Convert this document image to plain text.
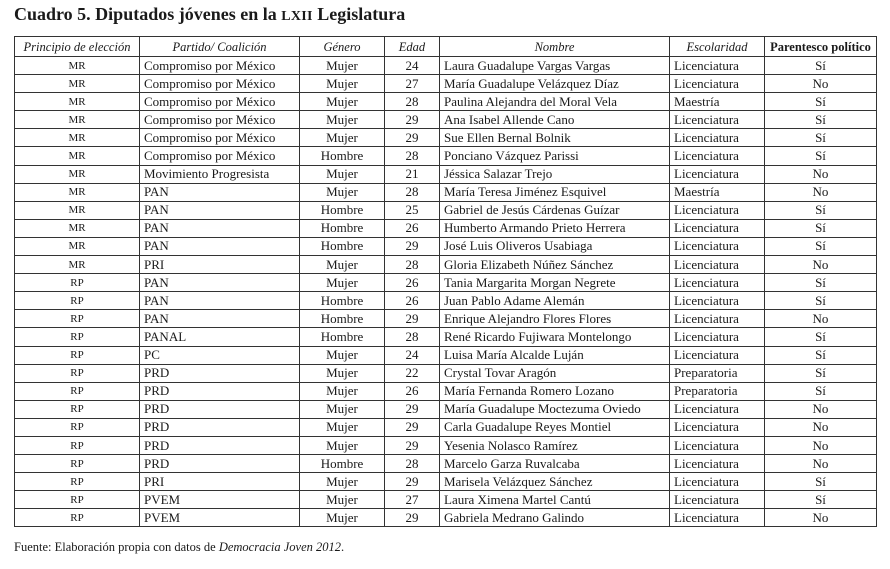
Cuadro 5. Diputados jóvenes en la LXII Legislatura
Principio de elección	Partido/ Coalición	Género	Edad	Nombre	Escolaridad	Parentesco político
MR	Compromiso por México	Mujer	24	Laura Guadalupe Vargas Vargas	Licenciatura	Sí
MR	Compromiso por México	Mujer	27	María Guadalupe Velázquez Díaz	Licenciatura	No
MR	Compromiso por México	Mujer	28	Paulina Alejandra del Moral Vela	Maestría	Sí
MR	Compromiso por México	Mujer	29	Ana Isabel Allende Cano	Licenciatura	Sí
MR	Compromiso por México	Mujer	29	Sue Ellen Bernal Bolnik	Licenciatura	Sí
MR	Compromiso por México	Hombre	28	Ponciano Vázquez Parissi	Licenciatura	Sí
MR	Movimiento Progresista	Mujer	21	Jéssica Salazar Trejo	Licenciatura	No
MR	PAN	Mujer	28	María Teresa Jiménez Esquivel	Maestría	No
MR	PAN	Hombre	25	Gabriel de Jesús Cárdenas Guízar	Licenciatura	Sí
MR	PAN	Hombre	26	Humberto Armando Prieto Herrera	Licenciatura	Sí
MR	PAN	Hombre	29	José Luis Oliveros Usabiaga	Licenciatura	Sí
MR	PRI	Mujer	28	Gloria Elizabeth Núñez Sánchez	Licenciatura	No
RP	PAN	Mujer	26	Tania Margarita Morgan Negrete	Licenciatura	Sí
RP	PAN	Hombre	26	Juan Pablo Adame Alemán	Licenciatura	Sí
RP	PAN	Hombre	29	Enrique Alejandro Flores Flores	Licenciatura	No
RP	PANAL	Hombre	28	René Ricardo Fujiwara Montelongo	Licenciatura	Sí
RP	PC	Mujer	24	Luisa María Alcalde Luján	Licenciatura	Sí
RP	PRD	Mujer	22	Crystal Tovar Aragón	Preparatoria	Sí
RP	PRD	Mujer	26	María Fernanda Romero Lozano	Preparatoria	Sí
RP	PRD	Mujer	29	María Guadalupe Moctezuma Oviedo	Licenciatura	No
RP	PRD	Mujer	29	Carla Guadalupe Reyes Montiel	Licenciatura	No
RP	PRD	Mujer	29	Yesenia Nolasco Ramírez	Licenciatura	No
RP	PRD	Hombre	28	Marcelo Garza Ruvalcaba	Licenciatura	No
RP	PRI	Mujer	29	Marisela Velázquez Sánchez	Licenciatura	Sí
RP	PVEM	Mujer	27	Laura Ximena Martel Cantú	Licenciatura	Sí
RP	PVEM	Mujer	29	Gabriela Medrano Galindo	Licenciatura	No
Fuente: Elaboración propia con datos de Democracia Joven 2012.
